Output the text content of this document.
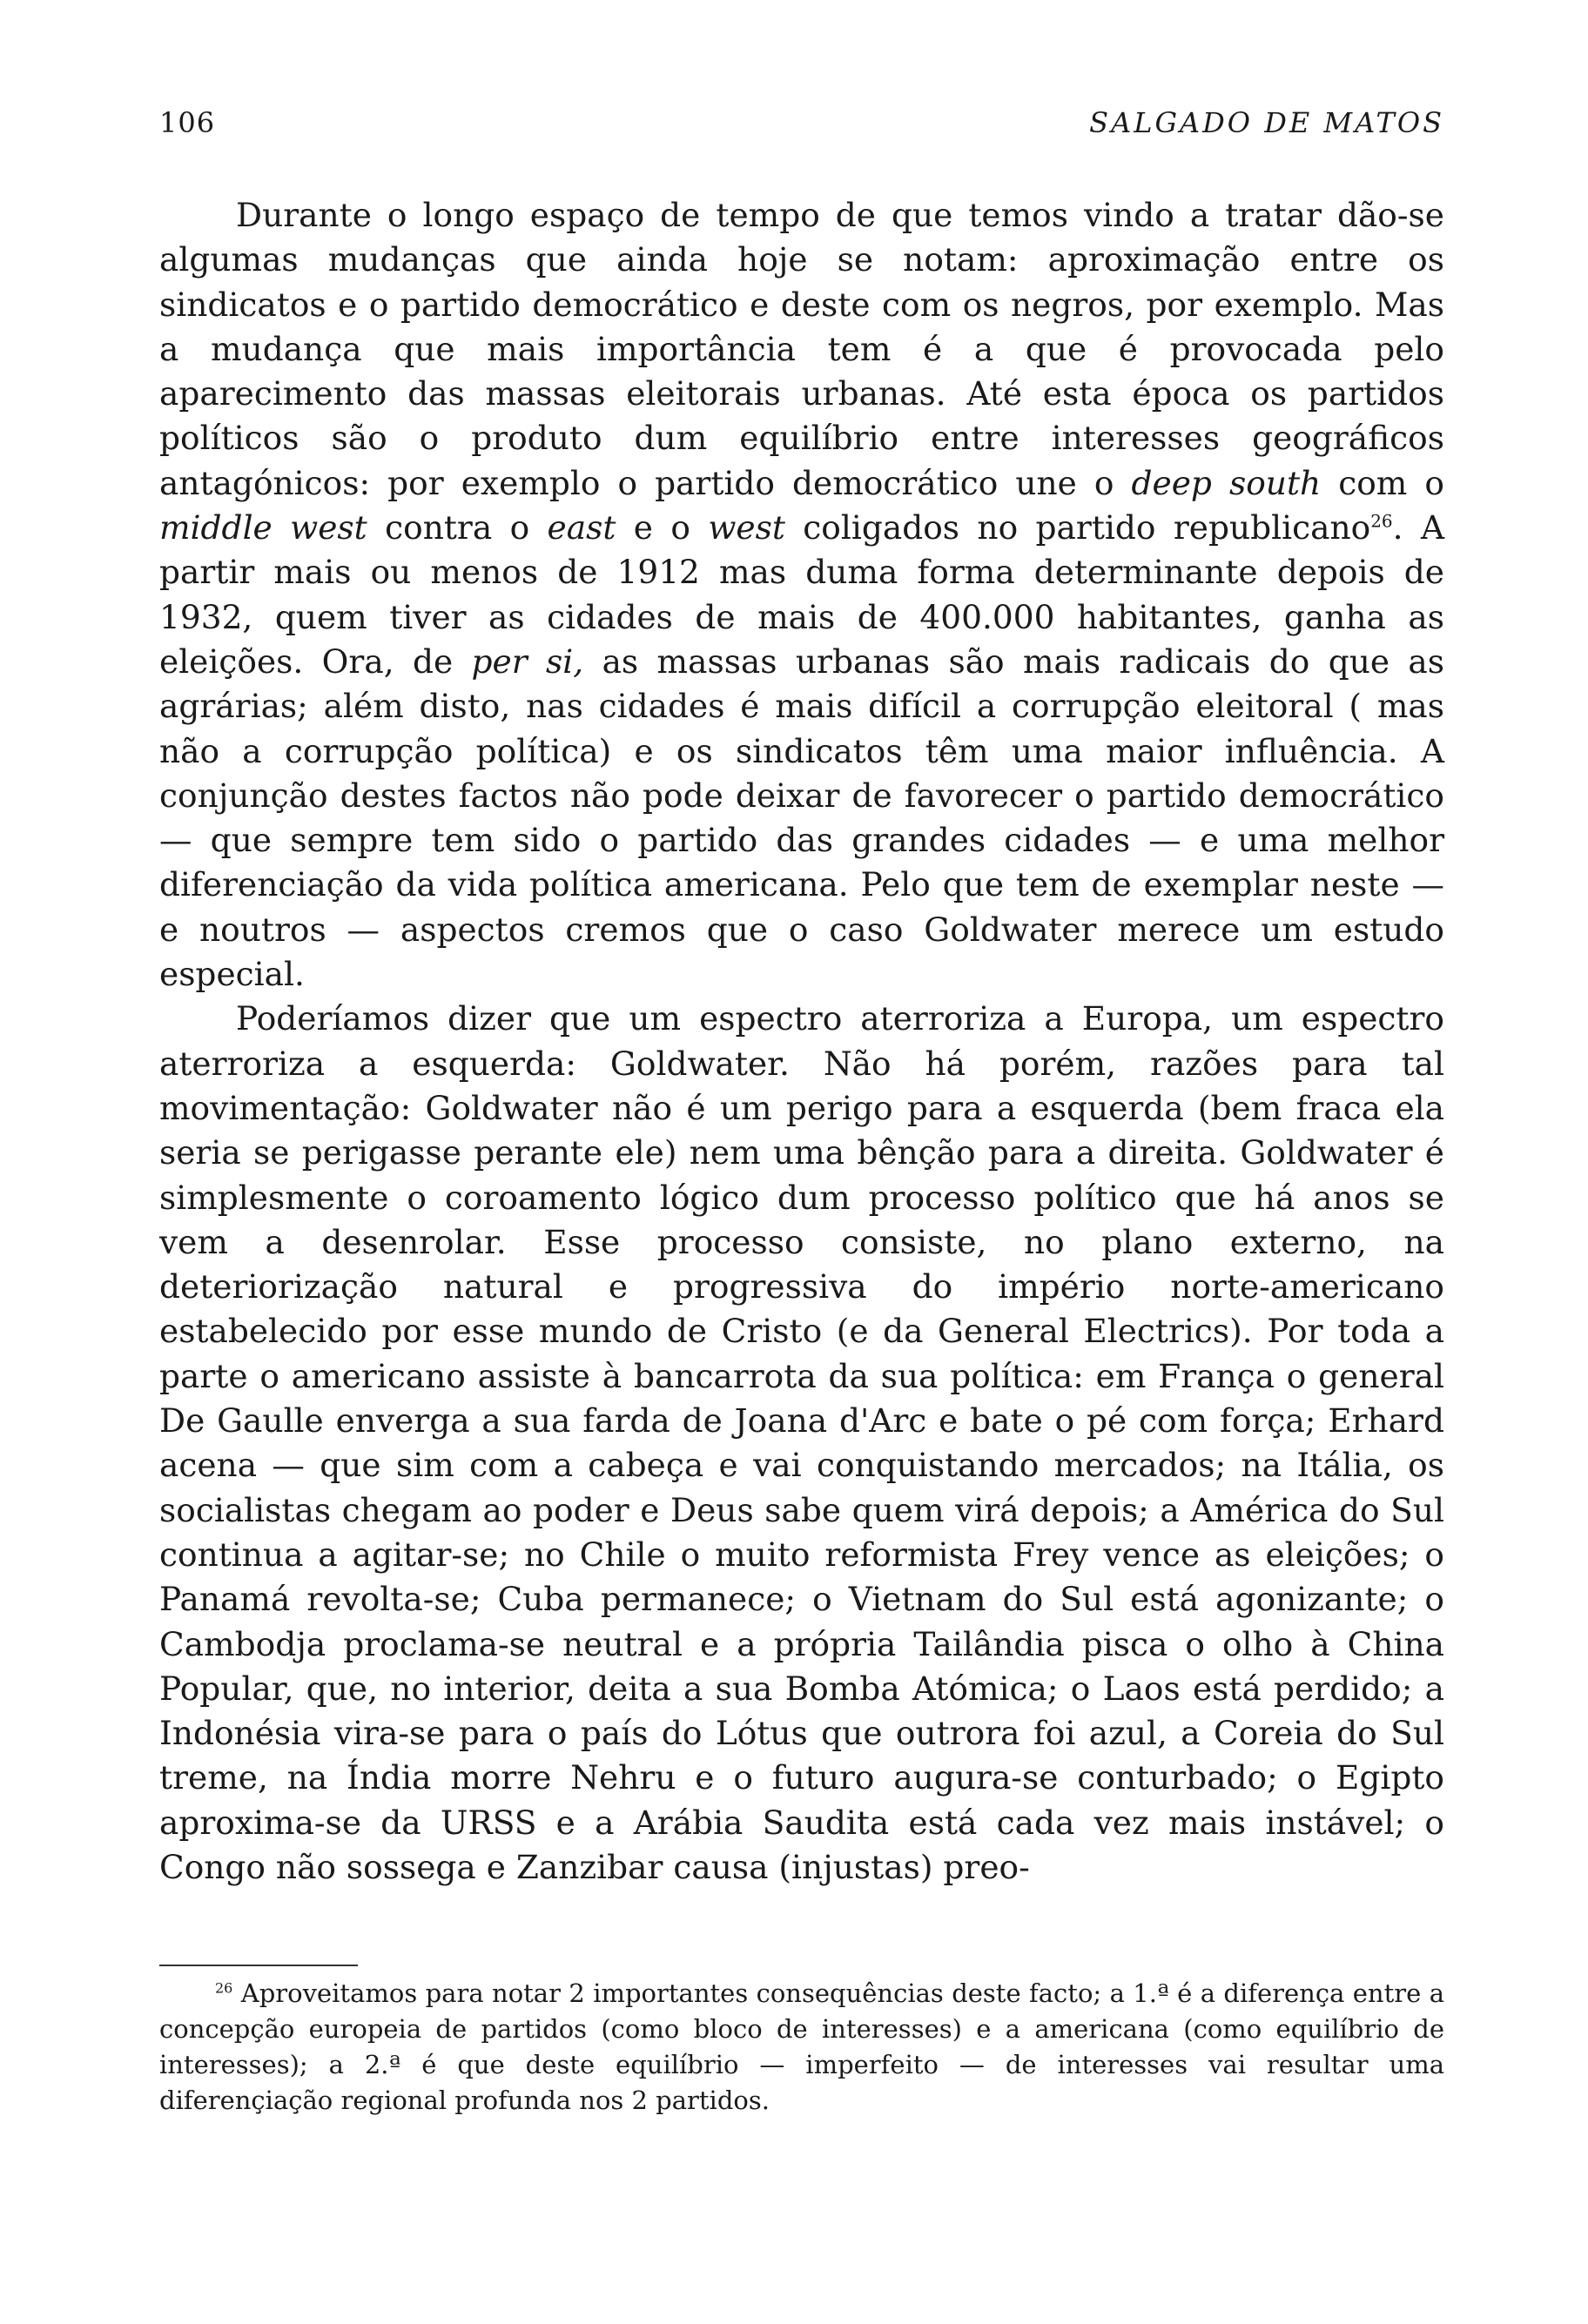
106	SALGADO DE MATOS

Durante o longo espaço de tempo de que temos vindo a tratar dão-se algumas mudanças que ainda hoje se notam: aproximação entre os sindicatos e o partido democrático e deste com os negros, por exemplo. Mas a mudança que mais importância tem é a que é provocada pelo aparecimento das massas eleitorais urbanas. Até esta época os partidos políticos são o produto dum equilíbrio entre interesses geográficos antagónicos: por exemplo o partido democrático une o deep south com o middle west contra o east e o west coligados no partido republicano$^{26}$. A partir mais ou menos de 1912 mas duma forma determinante depois de 1932, quem tiver as cidades de mais de 400.000 habitantes, ganha as eleições. Ora, de per si, as massas urbanas são mais radicais do que as agrárias; além disto, nas cidades é mais difícil a corrupção eleitoral ( mas não a corrupção política) e os sindicatos têm uma maior influência. A conjunção destes factos não pode deixar de favorecer o partido democrático — que sempre tem sido o partido das grandes cidades — e uma melhor diferenciação da vida política americana. Pelo que tem de exemplar neste — e noutros — aspectos cremos que o caso Goldwater merece um estudo especial.

Poderíamos dizer que um espectro aterroriza a Europa, um espectro aterroriza a esquerda: Goldwater. Não há porém, razões para tal movimentação: Goldwater não é um perigo para a esquerda (bem fraca ela seria se perigasse perante ele) nem uma bênção para a direita. Goldwater é simplesmente o coroamento lógico dum processo político que há anos se vem a desenrolar. Esse processo consiste, no plano externo, na deteriorização natural e progressiva do império norte-americano estabelecido por esse mundo de Cristo (e da General Electrics). Por toda a parte o americano assiste à bancarrota da sua política: em França o general De Gaulle enverga a sua farda de Joana d'Arc e bate o pé com força; Erhard acena — que sim com a cabeça e vai conquistando mercados; na Itália, os socialistas chegam ao poder e Deus sabe quem virá depois; a América do Sul continua a agitar-se; no Chile o muito reformista Frey vence as eleições; o Panamá revolta-se; Cuba permanece; o Vietnam do Sul está agonizante; o Cambodja proclama-se neutral e a própria Tailândia pisca o olho à China Popular, que, no interior, deita a sua Bomba Atómica; o Laos está perdido; a Indonésia vira-se para o país do Lótus que outrora foi azul, a Coreia do Sul treme, na Índia morre Nehru e o futuro augura-se conturbado; o Egipto aproxima-se da URSS e a Arábia Saudita está cada vez mais instável; o Congo não sossega e Zanzibar causa (injustas) preo-

$^{26}$ Aproveitamos para notar 2 importantes consequências deste facto; a 1.ª é a diferença entre a concepção europeia de partidos (como bloco de interesses) e a americana (como equilíbrio de interesses); a 2.ª é que deste equilíbrio — imperfeito — de interesses vai resultar uma diferençiação regional profunda nos 2 partidos.
